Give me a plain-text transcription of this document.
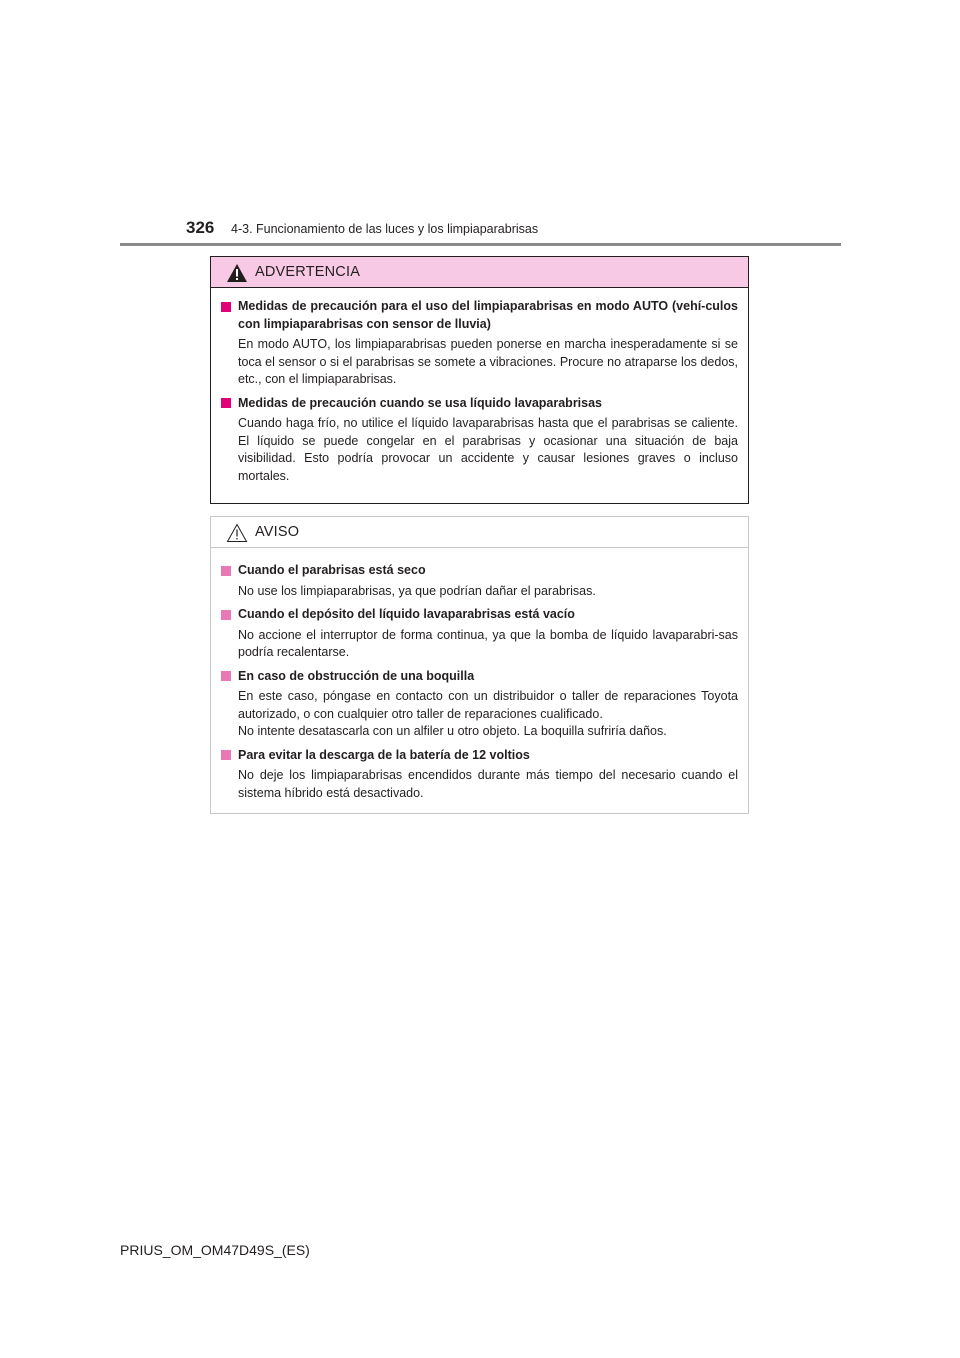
326 4-3. Funcionamiento de las luces y los limpiaparabrisas
ADVERTENCIA
Medidas de precaución para el uso del limpiaparabrisas en modo AUTO (vehí-culos con limpiaparabrisas con sensor de lluvia)
En modo AUTO, los limpiaparabrisas pueden ponerse en marcha inesperadamente si se toca el sensor o si el parabrisas se somete a vibraciones. Procure no atraparse los dedos, etc., con el limpiaparabrisas.
Medidas de precaución cuando se usa líquido lavaparabrisas
Cuando haga frío, no utilice el líquido lavaparabrisas hasta que el parabrisas se caliente. El líquido se puede congelar en el parabrisas y ocasionar una situación de baja visibilidad. Esto podría provocar un accidente y causar lesiones graves o incluso mortales.
AVISO
Cuando el parabrisas está seco
No use los limpiaparabrisas, ya que podrían dañar el parabrisas.
Cuando el depósito del líquido lavaparabrisas está vacío
No accione el interruptor de forma continua, ya que la bomba de líquido lavaparabri-sas podría recalentarse.
En caso de obstrucción de una boquilla
En este caso, póngase en contacto con un distribuidor o taller de reparaciones Toyota autorizado, o con cualquier otro taller de reparaciones cualificado.
No intente desatascarla con un alfiler u otro objeto. La boquilla sufriría daños.
Para evitar la descarga de la batería de 12 voltios
No deje los limpiaparabrisas encendidos durante más tiempo del necesario cuando el sistema híbrido está desactivado.
PRIUS_OM_OM47D49S_(ES)
